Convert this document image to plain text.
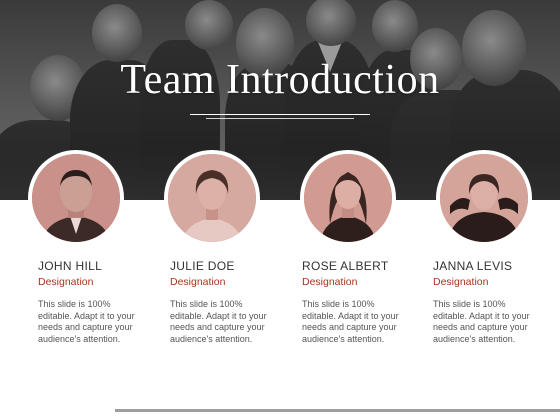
Team Introduction

JOHN HILL

Designation

This slide is 100% editable. Adapt it to your needs and capture your audience's attention.

JULIE DOE

Designation

This slide is 100% editable. Adapt it to your needs and capture your audience's attention.

ROSE ALBERT

Designation

This slide is 100% editable. Adapt it to your needs and capture your audience's attention.

JANNA LEVIS

Designation

This slide is 100% editable. Adapt it to your needs and capture your audience's attention.
